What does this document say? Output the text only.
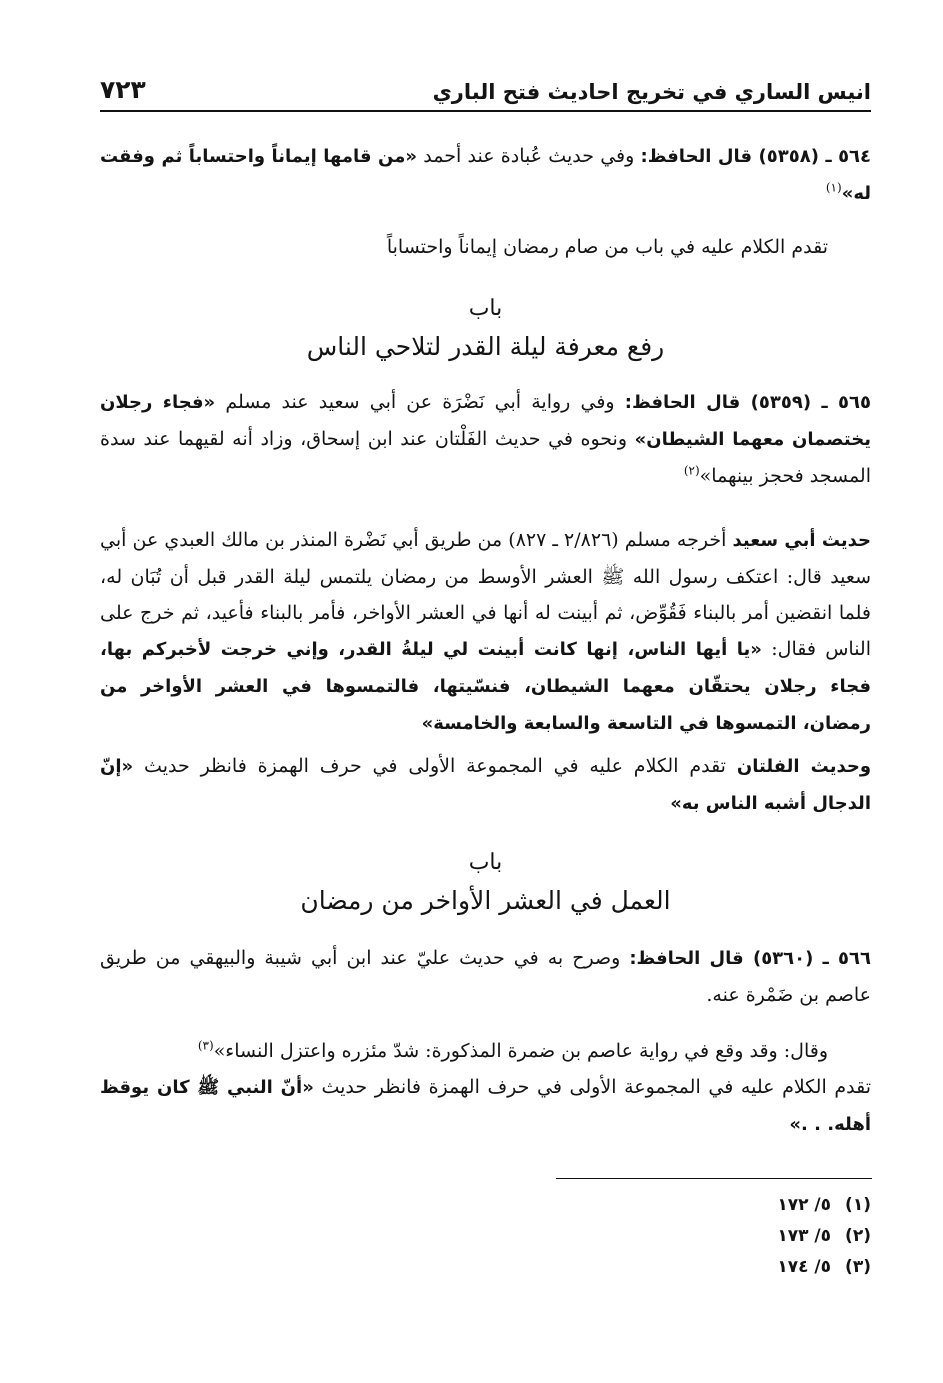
انيس الساري في تخريج احاديث فتح الباري
٧٢٣
٥٦٤ ـ (٥٣٥٨) قال الحافظ: وفي حديث عُبادة عند أحمد «من قامها إيماناً واحتساباً ثم وفقت له»$^{(١)}$
تقدم الكلام عليه في باب من صام رمضان إيماناً واحتساباً
باب
رفع معرفة ليلة القدر لتلاحي الناس
٥٦٥ ـ (٥٣٥٩) قال الحافظ: وفي رواية أبي نَضْرَة عن أبي سعيد عند مسلم «فجاء رجلان يختصمان معهما الشيطان» ونحوه في حديث الفَلْتان عند ابن إسحاق، وزاد أنه لقيهما عند سدة المسجد فحجز بينهما»$^{(٢)}$
حديث أبي سعيد أخرجه مسلم (٢/٨٢٦ ـ ٨٢٧) من طريق أبي نَضْرة المنذر بن مالك العبدي عن أبي سعيد قال: اعتكف رسول الله ﷺ العشر الأوسط من رمضان يلتمس ليلة القدر قبل أن تُبَان له، فلما انقضين أمر بالبناء فَقُوِّض، ثم أبينت له أنها في العشر الأواخر، فأمر بالبناء فأعيد، ثم خرج على الناس فقال: «يا أيها الناس، إنها كانت أبينت لي ليلةُ القدر، وإني خرجت لأخبركم بها، فجاء رجلان يحتقّان معهما الشيطان، فنسّيتها، فالتمسوها في العشر الأواخر من رمضان، التمسوها في التاسعة والسابعة والخامسة»
وحديث الفلتان تقدم الكلام عليه في المجموعة الأولى في حرف الهمزة فانظر حديث «إنّ الدجال أشبه الناس به»
باب
العمل في العشر الأواخر من رمضان
٥٦٦ ـ (٥٣٦٠) قال الحافظ: وصرح به في حديث عليّ عند ابن أبي شيبة والبيهقي من طريق عاصم بن ضَمْرة عنه.
وقال: وقد وقع في رواية عاصم بن ضمرة المذكورة: شدّ مئزره واعتزل النساء»$^{(٣)}$
تقدم الكلام عليه في المجموعة الأولى في حرف الهمزة فانظر حديث «أنّ النبي ﷺ كان يوقظ أهله. . .»
(١)
٥/ ١٧٢
(٢)
٥/ ١٧٣
(٣)
٥/ ١٧٤
